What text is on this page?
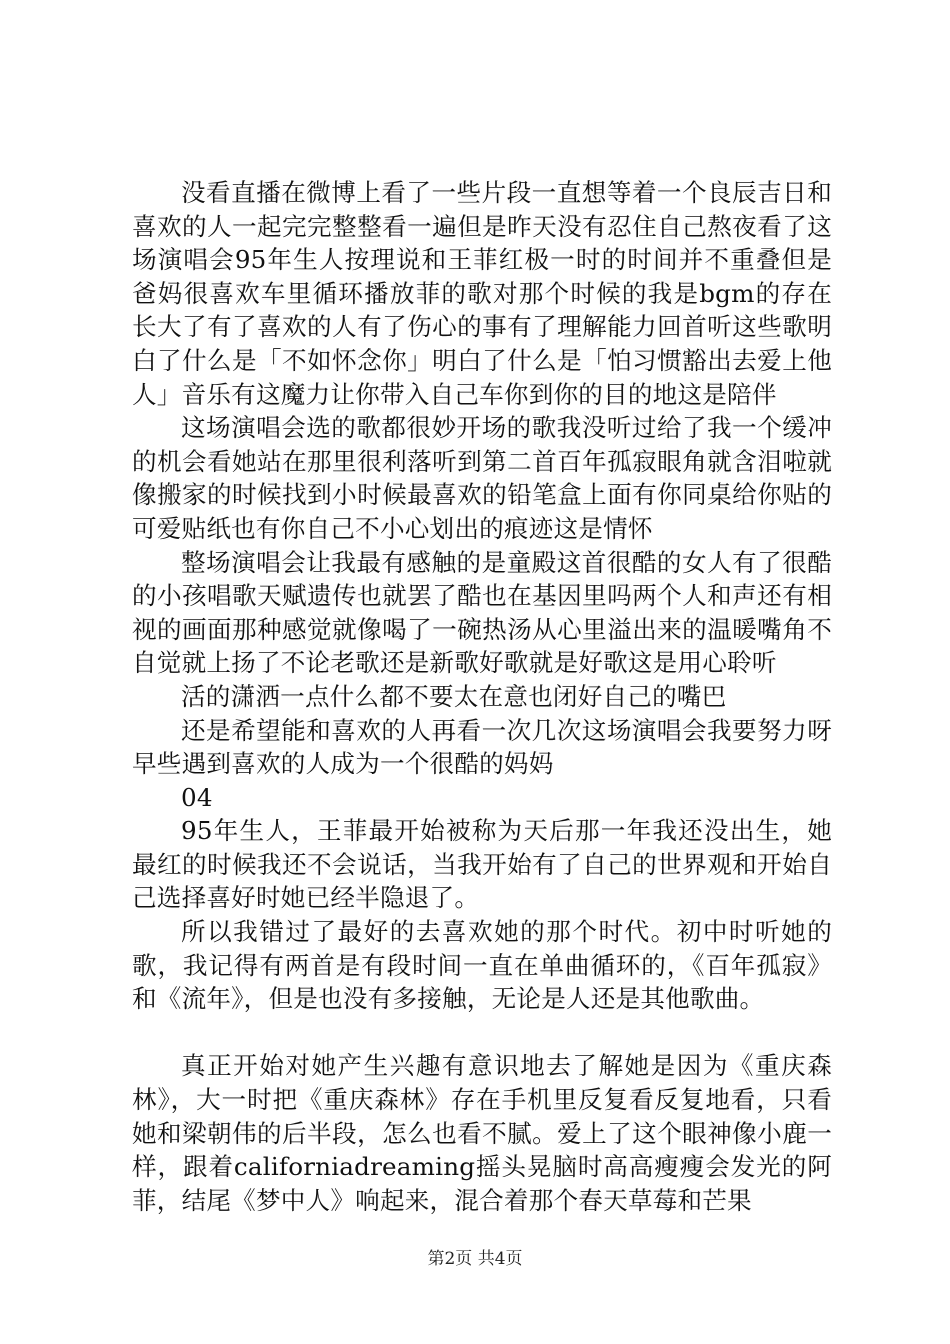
没看直播在微博上看了一些片段一直想等着一个良辰吉日和喜欢的人一起完完整整看一遍但是昨天没有忍住自己熬夜看了这场演唱会95年生人按理说和王菲红极一时的时间并不重叠但是爸妈很喜欢车里循环播放菲的歌对那个时候的我是bgm的存在长大了有了喜欢的人有了伤心的事有了理解能力回首听这些歌明白了什么是「不如怀念你」明白了什么是「怕习惯豁出去爱上他人」音乐有这魔力让你带入自己车你到你的目的地这是陪伴

这场演唱会选的歌都很妙开场的歌我没听过给了我一个缓冲的机会看她站在那里很利落听到第二首百年孤寂眼角就含泪啦就像搬家的时候找到小时候最喜欢的铅笔盒上面有你同桌给你贴的可爱贴纸也有你自己不小心划出的痕迹这是情怀

整场演唱会让我最有感触的是童殿这首很酷的女人有了很酷的小孩唱歌天赋遗传也就罢了酷也在基因里吗两个人和声还有相视的画面那种感觉就像喝了一碗热汤从心里溢出来的温暖嘴角不自觉就上扬了不论老歌还是新歌好歌就是好歌这是用心聆听

活的潇洒一点什么都不要太在意也闭好自己的嘴巴

还是希望能和喜欢的人再看一次几次这场演唱会我要努力呀早些遇到喜欢的人成为一个很酷的妈妈

04

95年生人，王菲最开始被称为天后那一年我还没出生，她最红的时候我还不会说话，当我开始有了自己的世界观和开始自己选择喜好时她已经半隐退了。

所以我错过了最好的去喜欢她的那个时代。初中时听她的歌，我记得有两首是有段时间一直在单曲循环的，《百年孤寂》和《流年》，但是也没有多接触，无论是人还是其他歌曲。

真正开始对她产生兴趣有意识地去了解她是因为《重庆森林》，大一时把《重庆森林》存在手机里反复看反复地看，只看她和梁朝伟的后半段，怎么也看不腻。爱上了这个眼神像小鹿一样，跟着californiadreaming摇头晃脑时高高瘦瘦会发光的阿菲，结尾《梦中人》响起来，混合着那个春天草莓和芒果

第2页 共4页
